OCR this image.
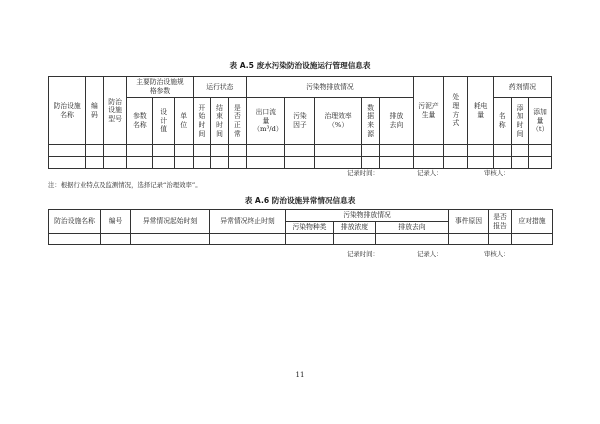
表 A.5 废水污染防治设施运行管理信息表
防治设施名称	编码	防治设施型号	主要防治设施规格参数			运行状态			污染物排放情况					污泥产生量	处理方式	耗电量	药剂情况		
			参数名称	设计值	单位	开始时间	结束时间	是否正常	出口流量（m³/d）	污染因子	治理效率（%）	数据来源	排放去向				名称	添加时间	添加量（t）

记录时间：	记录人：	审核人：
注：根据行业特点及监测情况，选择记录“治理效率”。
表 A.6 防治设施异常情况信息表
防治设施名称	编号	异常情况起始时刻	异常情况终止时刻	污染物排放情况			事件原因	是否报告	应对措施
				污染物种类	排放浓度	排放去向			

记录时间：	记录人：	审核人：
11
